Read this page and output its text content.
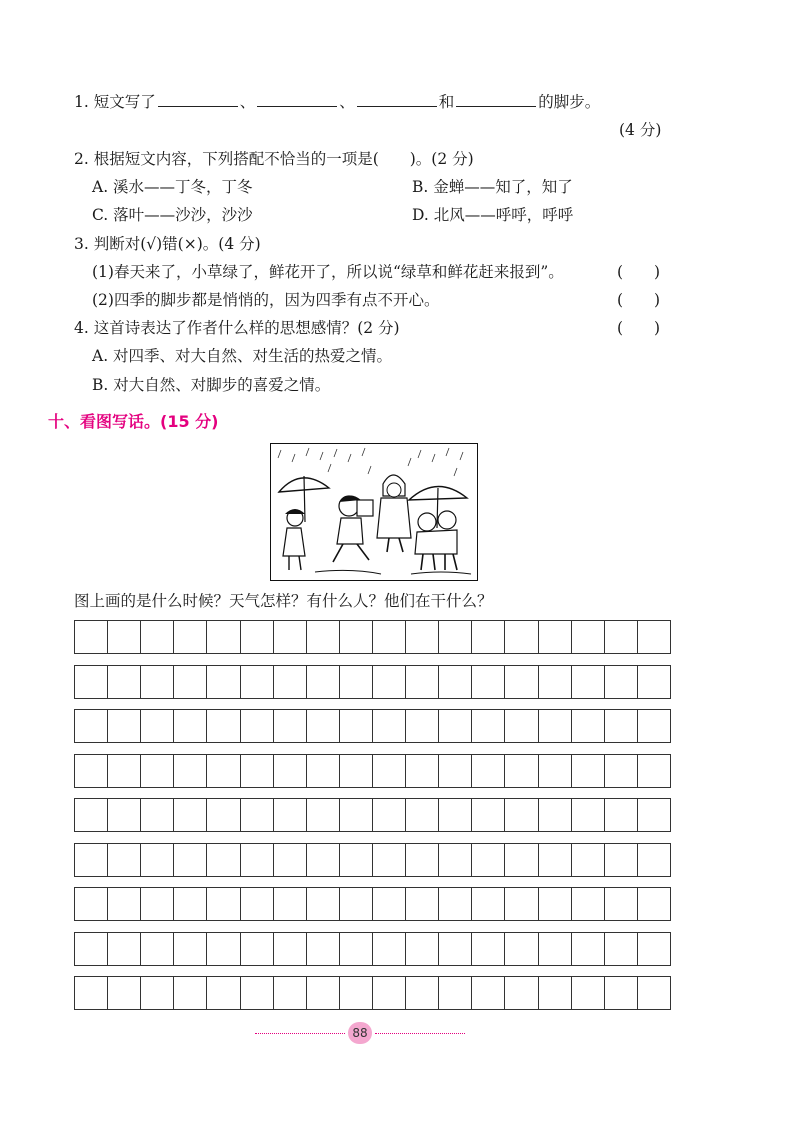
1. 短文写了	、	、	和	的脚步。
(4 分)
2. 根据短文内容，下列搭配不恰当的一项是(　　)。(2 分)
A. 溪水——丁冬，丁冬	B. 金蝉——知了，知了
C. 落叶——沙沙，沙沙	D. 北风——呼呼，呼呼
3. 判断对(√)错(×)。(4 分)
(1)春天来了，小草绿了，鲜花开了，所以说“绿草和鲜花赶来报到”。	(　　)
(2)四季的脚步都是悄悄的，因为四季有点不开心。	(　　)
4. 这首诗表达了作者什么样的思想感情？(2 分)	(　　)
A. 对四季、对大自然、对生活的热爱之情。
B. 对大自然、对脚步的喜爱之情。
十、看图写话。(15 分)
图上画的是什么时候？天气怎样？有什么人？他们在干什么？
88
